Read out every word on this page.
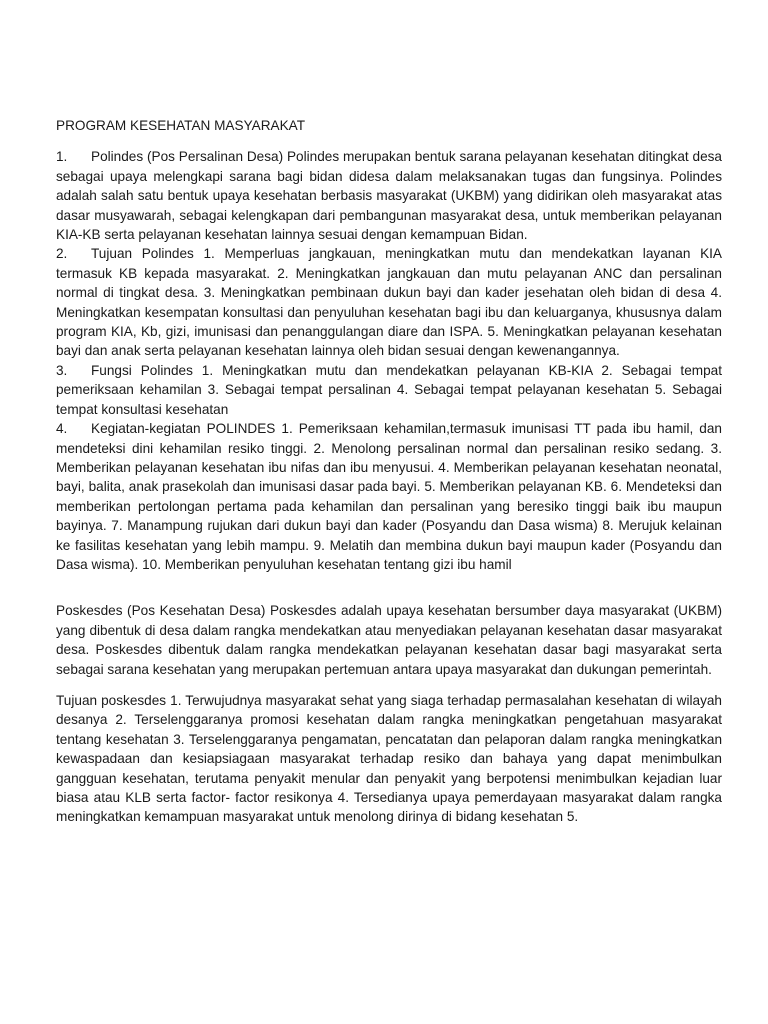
PROGRAM KESEHATAN MASYARAKAT

1. Polindes (Pos Persalinan Desa) Polindes merupakan bentuk sarana pelayanan kesehatan ditingkat desa sebagai upaya melengkapi sarana bagi bidan didesa dalam melaksanakan tugas dan fungsinya. Polindes adalah salah satu bentuk upaya kesehatan berbasis masyarakat (UKBM) yang didirikan oleh masyarakat atas dasar musyawarah, sebagai kelengkapan dari pembangunan masyarakat desa, untuk memberikan pelayanan KIA-KB serta pelayanan kesehatan lainnya sesuai dengan kemampuan Bidan.

2. Tujuan Polindes 1. Memperluas jangkauan, meningkatkan mutu dan mendekatkan layanan KIA termasuk KB kepada masyarakat. 2. Meningkatkan jangkauan dan mutu pelayanan ANC dan persalinan normal di tingkat desa. 3. Meningkatkan pembinaan dukun bayi dan kader jesehatan oleh bidan di desa 4. Meningkatkan kesempatan konsultasi dan penyuluhan kesehatan bagi ibu dan keluarganya, khususnya dalam program KIA, Kb, gizi, imunisasi dan penanggulangan diare dan ISPA. 5. Meningkatkan pelayanan kesehatan bayi dan anak serta pelayanan kesehatan lainnya oleh bidan sesuai dengan kewenangannya.

3. Fungsi Polindes 1. Meningkatkan mutu dan mendekatkan pelayanan KB-KIA 2. Sebagai tempat pemeriksaan kehamilan 3. Sebagai tempat persalinan 4. Sebagai tempat pelayanan kesehatan 5. Sebagai tempat konsultasi kesehatan

4. Kegiatan-kegiatan POLINDES 1. Pemeriksaan kehamilan,termasuk imunisasi TT pada ibu hamil, dan mendeteksi dini kehamilan resiko tinggi. 2. Menolong persalinan normal dan persalinan resiko sedang. 3. Memberikan pelayanan kesehatan ibu nifas dan ibu menyusui. 4. Memberikan pelayanan kesehatan neonatal, bayi, balita, anak prasekolah dan imunisasi dasar pada bayi. 5. Memberikan pelayanan KB. 6. Mendeteksi dan memberikan pertolongan pertama pada kehamilan dan persalinan yang beresiko tinggi baik ibu maupun bayinya. 7. Manampung rujukan dari dukun bayi dan kader (Posyandu dan Dasa wisma) 8. Merujuk kelainan ke fasilitas kesehatan yang lebih mampu. 9. Melatih dan membina dukun bayi maupun kader (Posyandu dan Dasa wisma). 10. Memberikan penyuluhan kesehatan tentang gizi ibu hamil

Poskesdes (Pos Kesehatan Desa) Poskesdes adalah upaya kesehatan bersumber daya masyarakat (UKBM) yang dibentuk di desa dalam rangka mendekatkan atau menyediakan pelayanan kesehatan dasar masyarakat desa. Poskesdes dibentuk dalam rangka mendekatkan pelayanan kesehatan dasar bagi masyarakat serta sebagai sarana kesehatan yang merupakan pertemuan antara upaya masyarakat dan dukungan pemerintah.

Tujuan poskesdes 1. Terwujudnya masyarakat sehat yang siaga terhadap permasalahan kesehatan di wilayah desanya 2. Terselenggaranya promosi kesehatan dalam rangka meningkatkan pengetahuan masyarakat tentang kesehatan 3. Terselenggaranya pengamatan, pencatatan dan pelaporan dalam rangka meningkatkan kewaspadaan dan kesiapsiagaan masyarakat terhadap resiko dan bahaya yang dapat menimbulkan gangguan kesehatan, terutama penyakit menular dan penyakit yang berpotensi menimbulkan kejadian luar biasa atau KLB serta factor- factor resikonya 4. Tersedianya upaya pemerdayaan masyarakat dalam rangka meningkatkan kemampuan masyarakat untuk menolong dirinya di bidang kesehatan 5.
